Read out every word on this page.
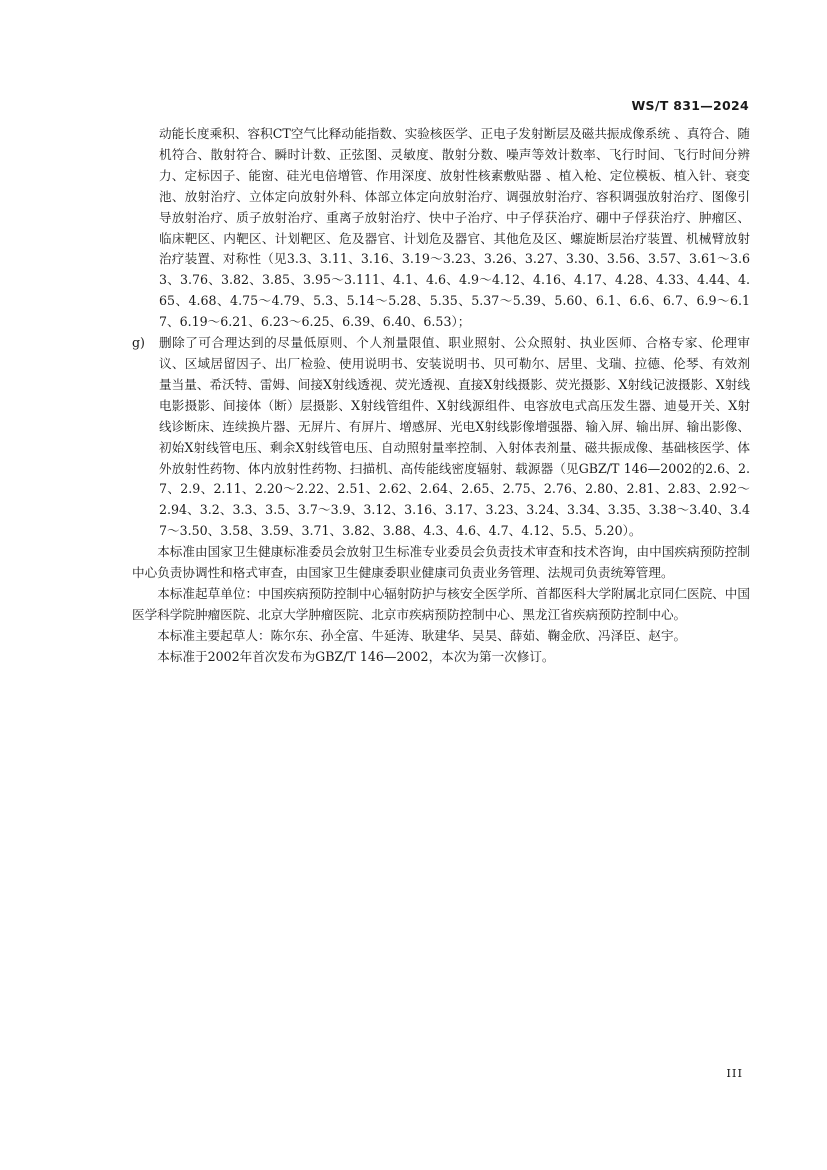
WS/T 831—2024
动能长度乘积、容积CT空气比释动能指数、实验核医学、正电子发射断层及磁共振成像系统 、真符合、随机符合、散射符合、瞬时计数、正弦图、灵敏度、散射分数、噪声等效计数率、飞行时间、飞行时间分辨力、定标因子、能窗、硅光电倍增管、作用深度、放射性核素敷贴器 、植入枪、定位模板、植入针、衰变池、放射治疗、立体定向放射外科、体部立体定向放射治疗、调强放射治疗、容积调强放射治疗、图像引导放射治疗、质子放射治疗、重离子放射治疗、快中子治疗、中子俘获治疗、硼中子俘获治疗、肿瘤区、临床靶区、内靶区、计划靶区、危及器官、计划危及器官、其他危及区、螺旋断层治疗装置、机械臂放射治疗装置、对称性（见3.3、3.11、3.16、3.19～3.23、3.26、3.27、3.30、3.56、3.57、3.61～3.63、3.76、3.82、3.85、3.95～3.111、4.1、4.6、4.9～4.12、4.16、4.17、4.28、4.33、4.44、4.65、4.68、4.75～4.79、5.3、5.14～5.28、5.35、5.37～5.39、5.60、6.1、6.6、6.7、6.9～6.17、6.19～6.21、6.23～6.25、6.39、6.40、6.53）；
g) 删除了可合理达到的尽量低原则、个人剂量限值、职业照射、公众照射、执业医师、合格专家、伦理审议、区域居留因子、出厂检验、使用说明书、安装说明书、贝可勒尔、居里、戈瑞、拉德、伦琴、有效剂量当量、希沃特、雷姆、间接X射线透视、荧光透视、直接X射线摄影、荧光摄影、X射线记波摄影、X射线电影摄影、间接体（断）层摄影、X射线管组件、X射线源组件、电容放电式高压发生器、迪曼开关、X射线诊断床、连续换片器、无屏片、有屏片、增感屏、光电X射线影像增强器、输入屏、输出屏、输出影像、初始X射线管电压、剩余X射线管电压、自动照射量率控制、入射体表剂量、磁共振成像、基础核医学、体外放射性药物、体内放射性药物、扫描机、高传能线密度辐射、载源器（见GBZ/T 146—2002的2.6、2.7、2.9、2.11、2.20～2.22、2.51、2.62、2.64、2.65、2.75、2.76、2.80、2.81、2.83、2.92～2.94、3.2、3.3、3.5、3.7～3.9、3.12、3.16、3.17、3.23、3.24、3.34、3.35、3.38～3.40、3.47～3.50、3.58、3.59、3.71、3.82、3.88、4.3、4.6、4.7、4.12、5.5、5.20）。
本标准由国家卫生健康标准委员会放射卫生标准专业委员会负责技术审查和技术咨询，由中国疾病预防控制中心负责协调性和格式审查，由国家卫生健康委职业健康司负责业务管理、法规司负责统筹管理。
本标准起草单位：中国疾病预防控制中心辐射防护与核安全医学所、首都医科大学附属北京同仁医院、中国医学科学院肿瘤医院、北京大学肿瘤医院、北京市疾病预防控制中心、黑龙江省疾病预防控制中心。
本标准主要起草人：陈尔东、孙全富、牛延涛、耿建华、吴昊、薛茹、鞠金欣、冯泽臣、赵宇。
本标准于2002年首次发布为GBZ/T 146—2002，本次为第一次修订。
III
